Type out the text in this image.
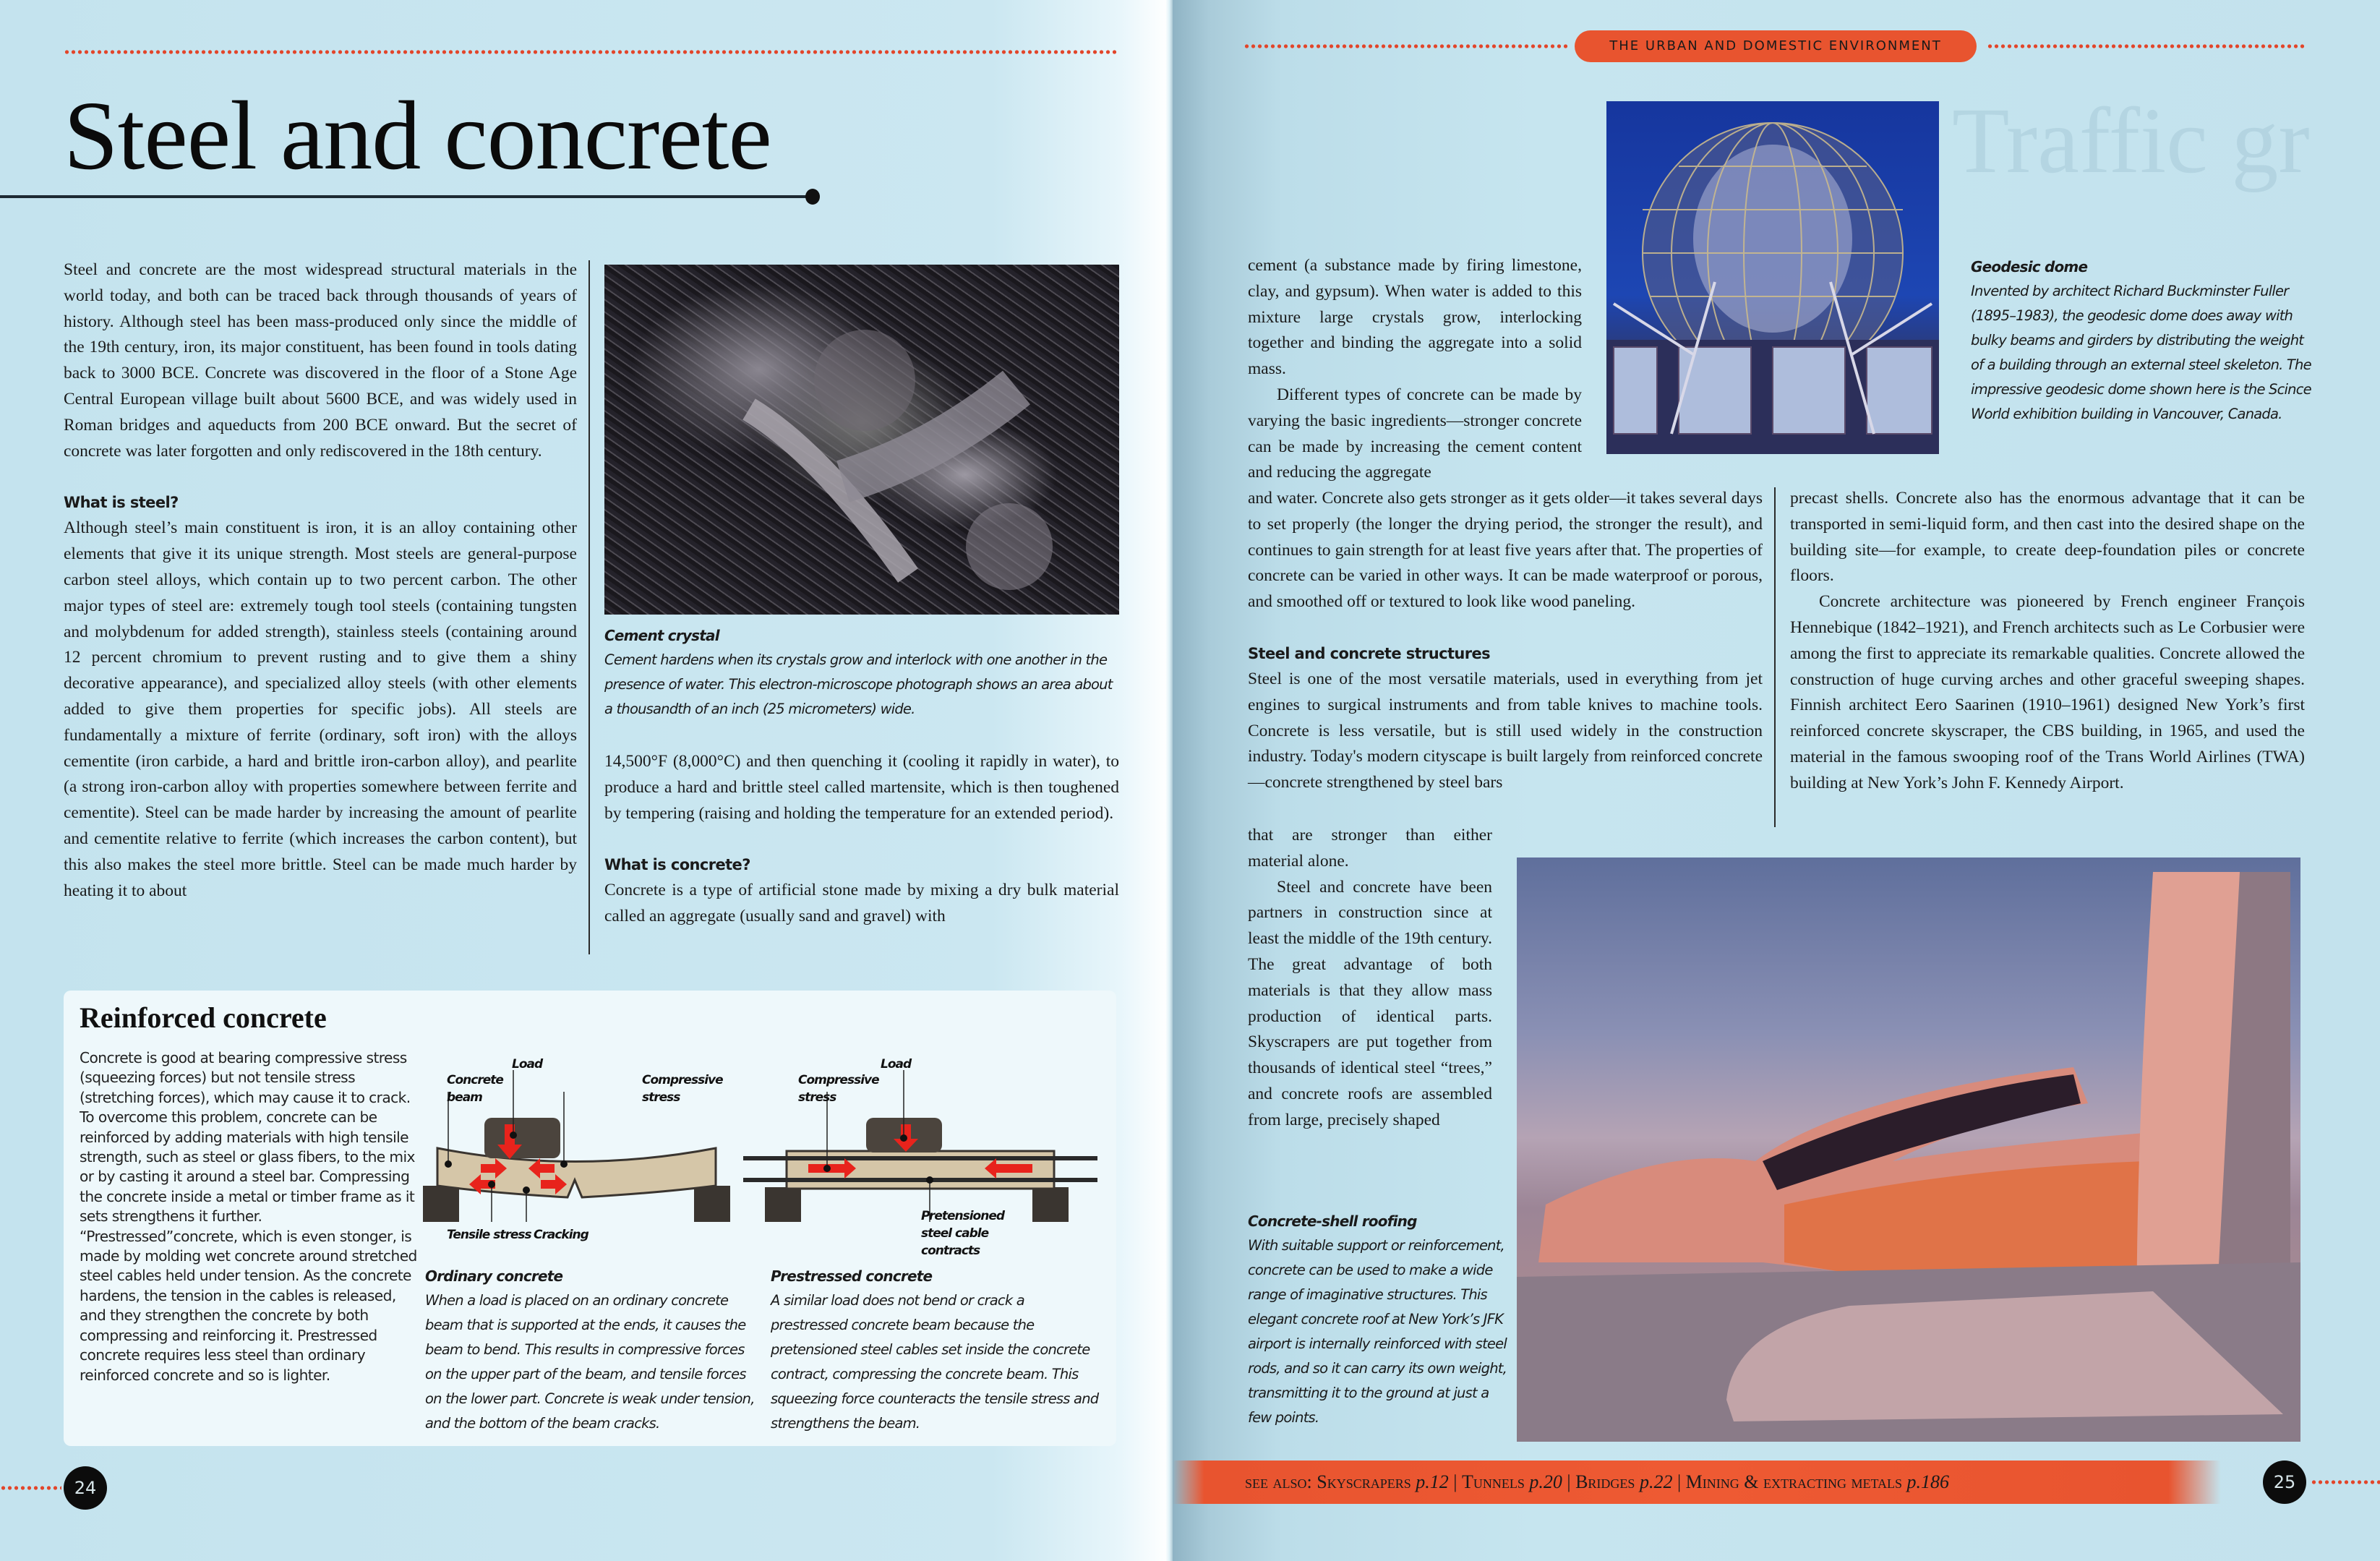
Steel and concrete

Steel and concrete are the most widespread structural materials in the world today, and both can be traced back through thousands of years of history. Although steel has been mass-produced only since the middle of the 19th century, iron, its major constituent, has been found in tools dating back to 3000 BCE. Concrete was discovered in the floor of a Stone Age Central European village built about 5600 BCE, and was widely used in Roman bridges and aqueducts from 200 BCE onward. But the secret of concrete was later forgotten and only rediscovered in the 18th century.

What is steel?

Although steel’s main constituent is iron, it is an alloy containing other elements that give it its unique strength. Most steels are general-purpose carbon steel alloys, which contain up to two percent carbon. The other major types of steel are: extremely tough tool steels (containing tungsten and molybdenum for added strength), stainless steels (containing around 12 percent chromium to prevent rusting and to give them a shiny decorative appearance), and specialized alloy steels (with other elements added to give them properties for specific jobs). All steels are fundamentally a mixture of ferrite (ordinary, soft iron) with the alloys cementite (iron carbide, a hard and brittle iron-carbon alloy), and pearlite (a strong iron-carbon alloy with properties somewhere between ferrite and cementite). Steel can be made harder by increasing the amount of pearlite and cementite relative to ferrite (which increases the carbon content), but this also makes the steel more brittle. Steel can be made much harder by heating it to about

Cement crystal

Cement hardens when its crystals grow and interlock with one another in the presence of water. This electron-microscope photograph shows an area about a thousandth of an inch (25 micrometers) wide.

14,500°F (8,000°C) and then quenching it (cooling it rapidly in water), to produce a hard and brittle steel called martensite, which is then toughened by tempering (raising and holding the temperature for an extended period).

What is concrete?

Concrete is a type of artificial stone made by mixing a dry bulk material called an aggregate (usually sand and gravel) with

Reinforced concrete
Concrete is good at bearing compressive stress (squeezing forces) but not tensile stress (stretching forces), which may cause it to crack. To overcome this problem, concrete can be reinforced by adding materials with high tensile strength, such as steel or glass fibers, to the mix or by casting it around a steel bar. Compressing the concrete inside a metal or timber frame as it sets strengthens it further. “Prestressed”concrete, which is even stonger, is made by molding wet concrete around stretched steel cables held under tension. As the concrete hardens, the tension in the cables is released, and they strengthen the concrete by both compressing and reinforcing it. Prestressed concrete requires less steel than ordinary reinforced concrete and so is lighter.
Load
Concrete beam
Compressive stress
Tensile stress Cracking
Load
Compressive stress
Pretensioned steel cable contracts

Ordinary concrete

When a load is placed on an ordinary concrete beam that is supported at the ends, it causes the beam to bend. This results in compressive forces on the upper part of the beam, and tensile forces on the lower part. Concrete is weak under tension, and the bottom of the beam cracks.

Prestressed concrete

A similar load does not bend or crack a prestressed concrete beam because the pretensioned steel cables set inside the concrete contract, compressing the concrete beam. This squeezing force counteracts the tensile stress and strengthens the beam.

24
Traffic gr
THE URBAN AND DOMESTIC ENVIRONMENT

Geodesic dome

Invented by architect Richard Buckminster Fuller (1895–1983), the geodesic dome does away with bulky beams and girders by distributing the weight of a building through an external steel skeleton. The impressive geodesic dome shown here is the Scince World exhibition building in Vancouver, Canada.

cement (a substance made by firing limestone, clay, and gypsum). When water is added to this mixture large crystals grow, interlocking together and binding the aggregate into a solid mass.

Different types of concrete can be made by varying the basic ingredients—stronger concrete can be made by increasing the cement content and reducing the aggregate

and water. Concrete also gets stronger as it gets older—it takes several days to set properly (the longer the drying period, the stronger the result), and continues to gain strength for at least five years after that. The properties of concrete can be varied in other ways. It can be made waterproof or porous, and smoothed off or textured to look like wood paneling.

Steel and concrete structures

Steel is one of the most versatile materials, used in everything from jet engines to surgical instruments and from table knives to machine tools. Concrete is less versatile, but is still used widely in the construction industry. Today's modern cityscape is built largely from reinforced concrete—concrete strengthened by steel bars

that are stronger than either material alone.

Steel and concrete have been partners in construction since at least the middle of the 19th century. The great advantage of both materials is that they allow mass production of identical parts. Skyscrapers are put together from thousands of identical steel “trees,” and concrete roofs are assembled from large, precisely shaped

precast shells. Concrete also has the enormous advantage that it can be transported in semi-liquid form, and then cast into the desired shape on the building site—for example, to create deep-foundation piles or concrete floors.

Concrete architecture was pioneered by French engineer François Hennebique (1842–1921), and French architects such as Le Corbusier were among the first to appreciate its remarkable qualities. Concrete allowed the construction of huge curving arches and other graceful sweeping shapes. Finnish architect Eero Saarinen (1910–1961) designed New York’s first reinforced concrete skyscraper, the CBS building, in 1965, and used the material in the famous swooping roof of the Trans World Airlines (TWA) building at New York’s John F. Kennedy Airport.

Concrete-shell roofing

With suitable support or reinforcement, concrete can be used to make a wide range of imaginative structures. This elegant concrete roof at New York’s JFK airport is internally reinforced with steel rods, and so it can carry its own weight, transmitting it to the ground at just a few points.

see also: Skyscrapers p.12 | Tunnels p.20 | Bridges p.22 | Mining & extracting metals p.186	25
